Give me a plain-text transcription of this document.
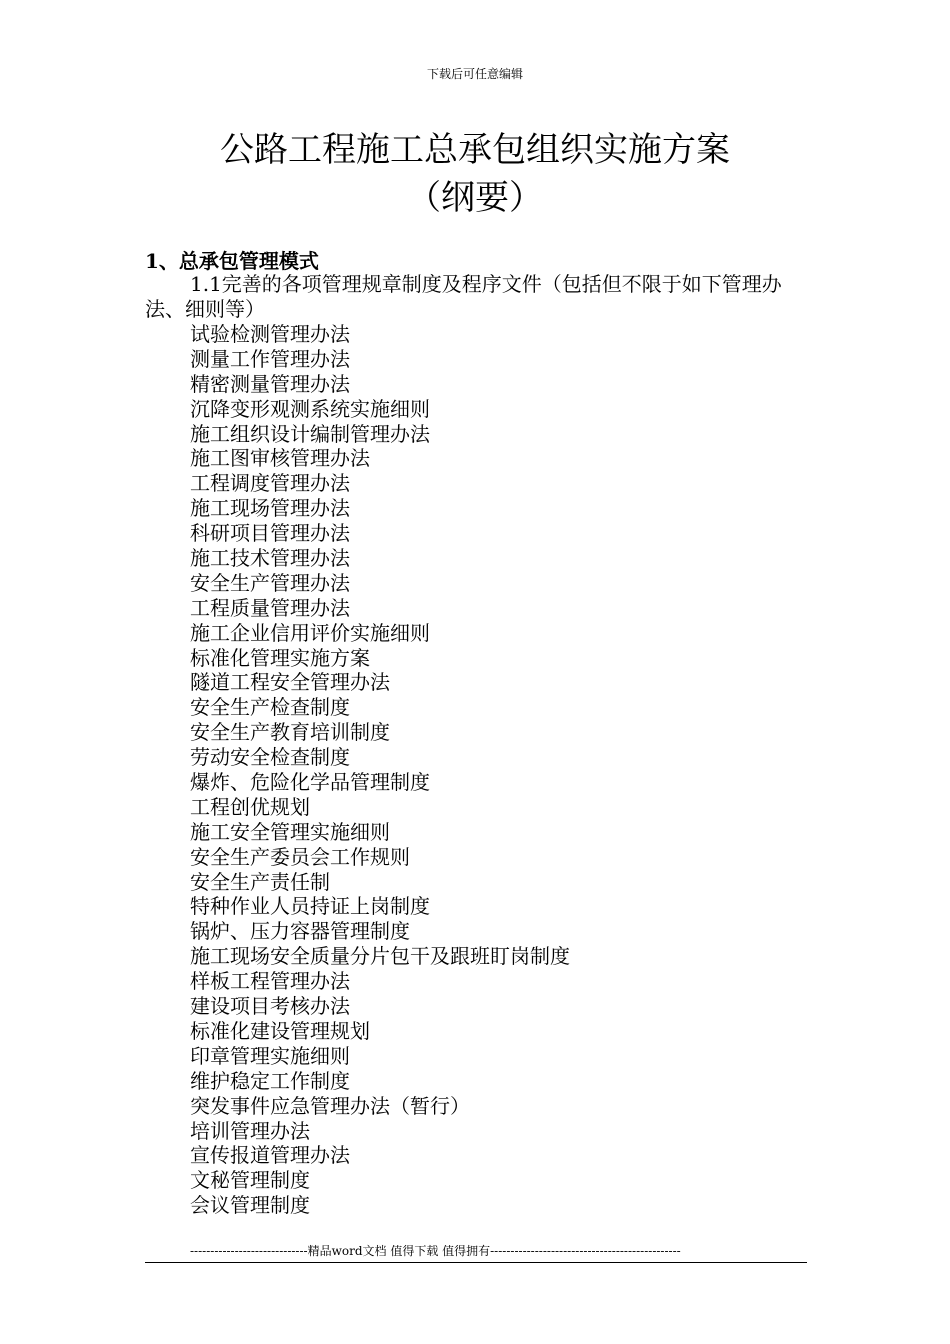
下载后可任意编辑
公路工程施工总承包组织实施方案
（纲要）
1、总承包管理模式
1.1完善的各项管理规章制度及程序文件（包括但不限于如下管理办法、细则等）
试验检测管理办法
测量工作管理办法
精密测量管理办法
沉降变形观测系统实施细则
施工组织设计编制管理办法
施工图审核管理办法
工程调度管理办法
施工现场管理办法
科研项目管理办法
施工技术管理办法
安全生产管理办法
工程质量管理办法
施工企业信用评价实施细则
标准化管理实施方案
隧道工程安全管理办法
安全生产检查制度
安全生产教育培训制度
劳动安全检查制度
爆炸、危险化学品管理制度
工程创优规划
施工安全管理实施细则
安全生产委员会工作规则
安全生产责任制
特种作业人员持证上岗制度
锅炉、压力容器管理制度
施工现场安全质量分片包干及跟班盯岗制度
样板工程管理办法
建设项目考核办法
标准化建设管理规划
印章管理实施细则
维护稳定工作制度
突发事件应急管理办法（暂行）
培训管理办法
宣传报道管理办法
文秘管理制度
会议管理制度
-----------------------------精品word文档 值得下载 值得拥有-----------------------------------------------
